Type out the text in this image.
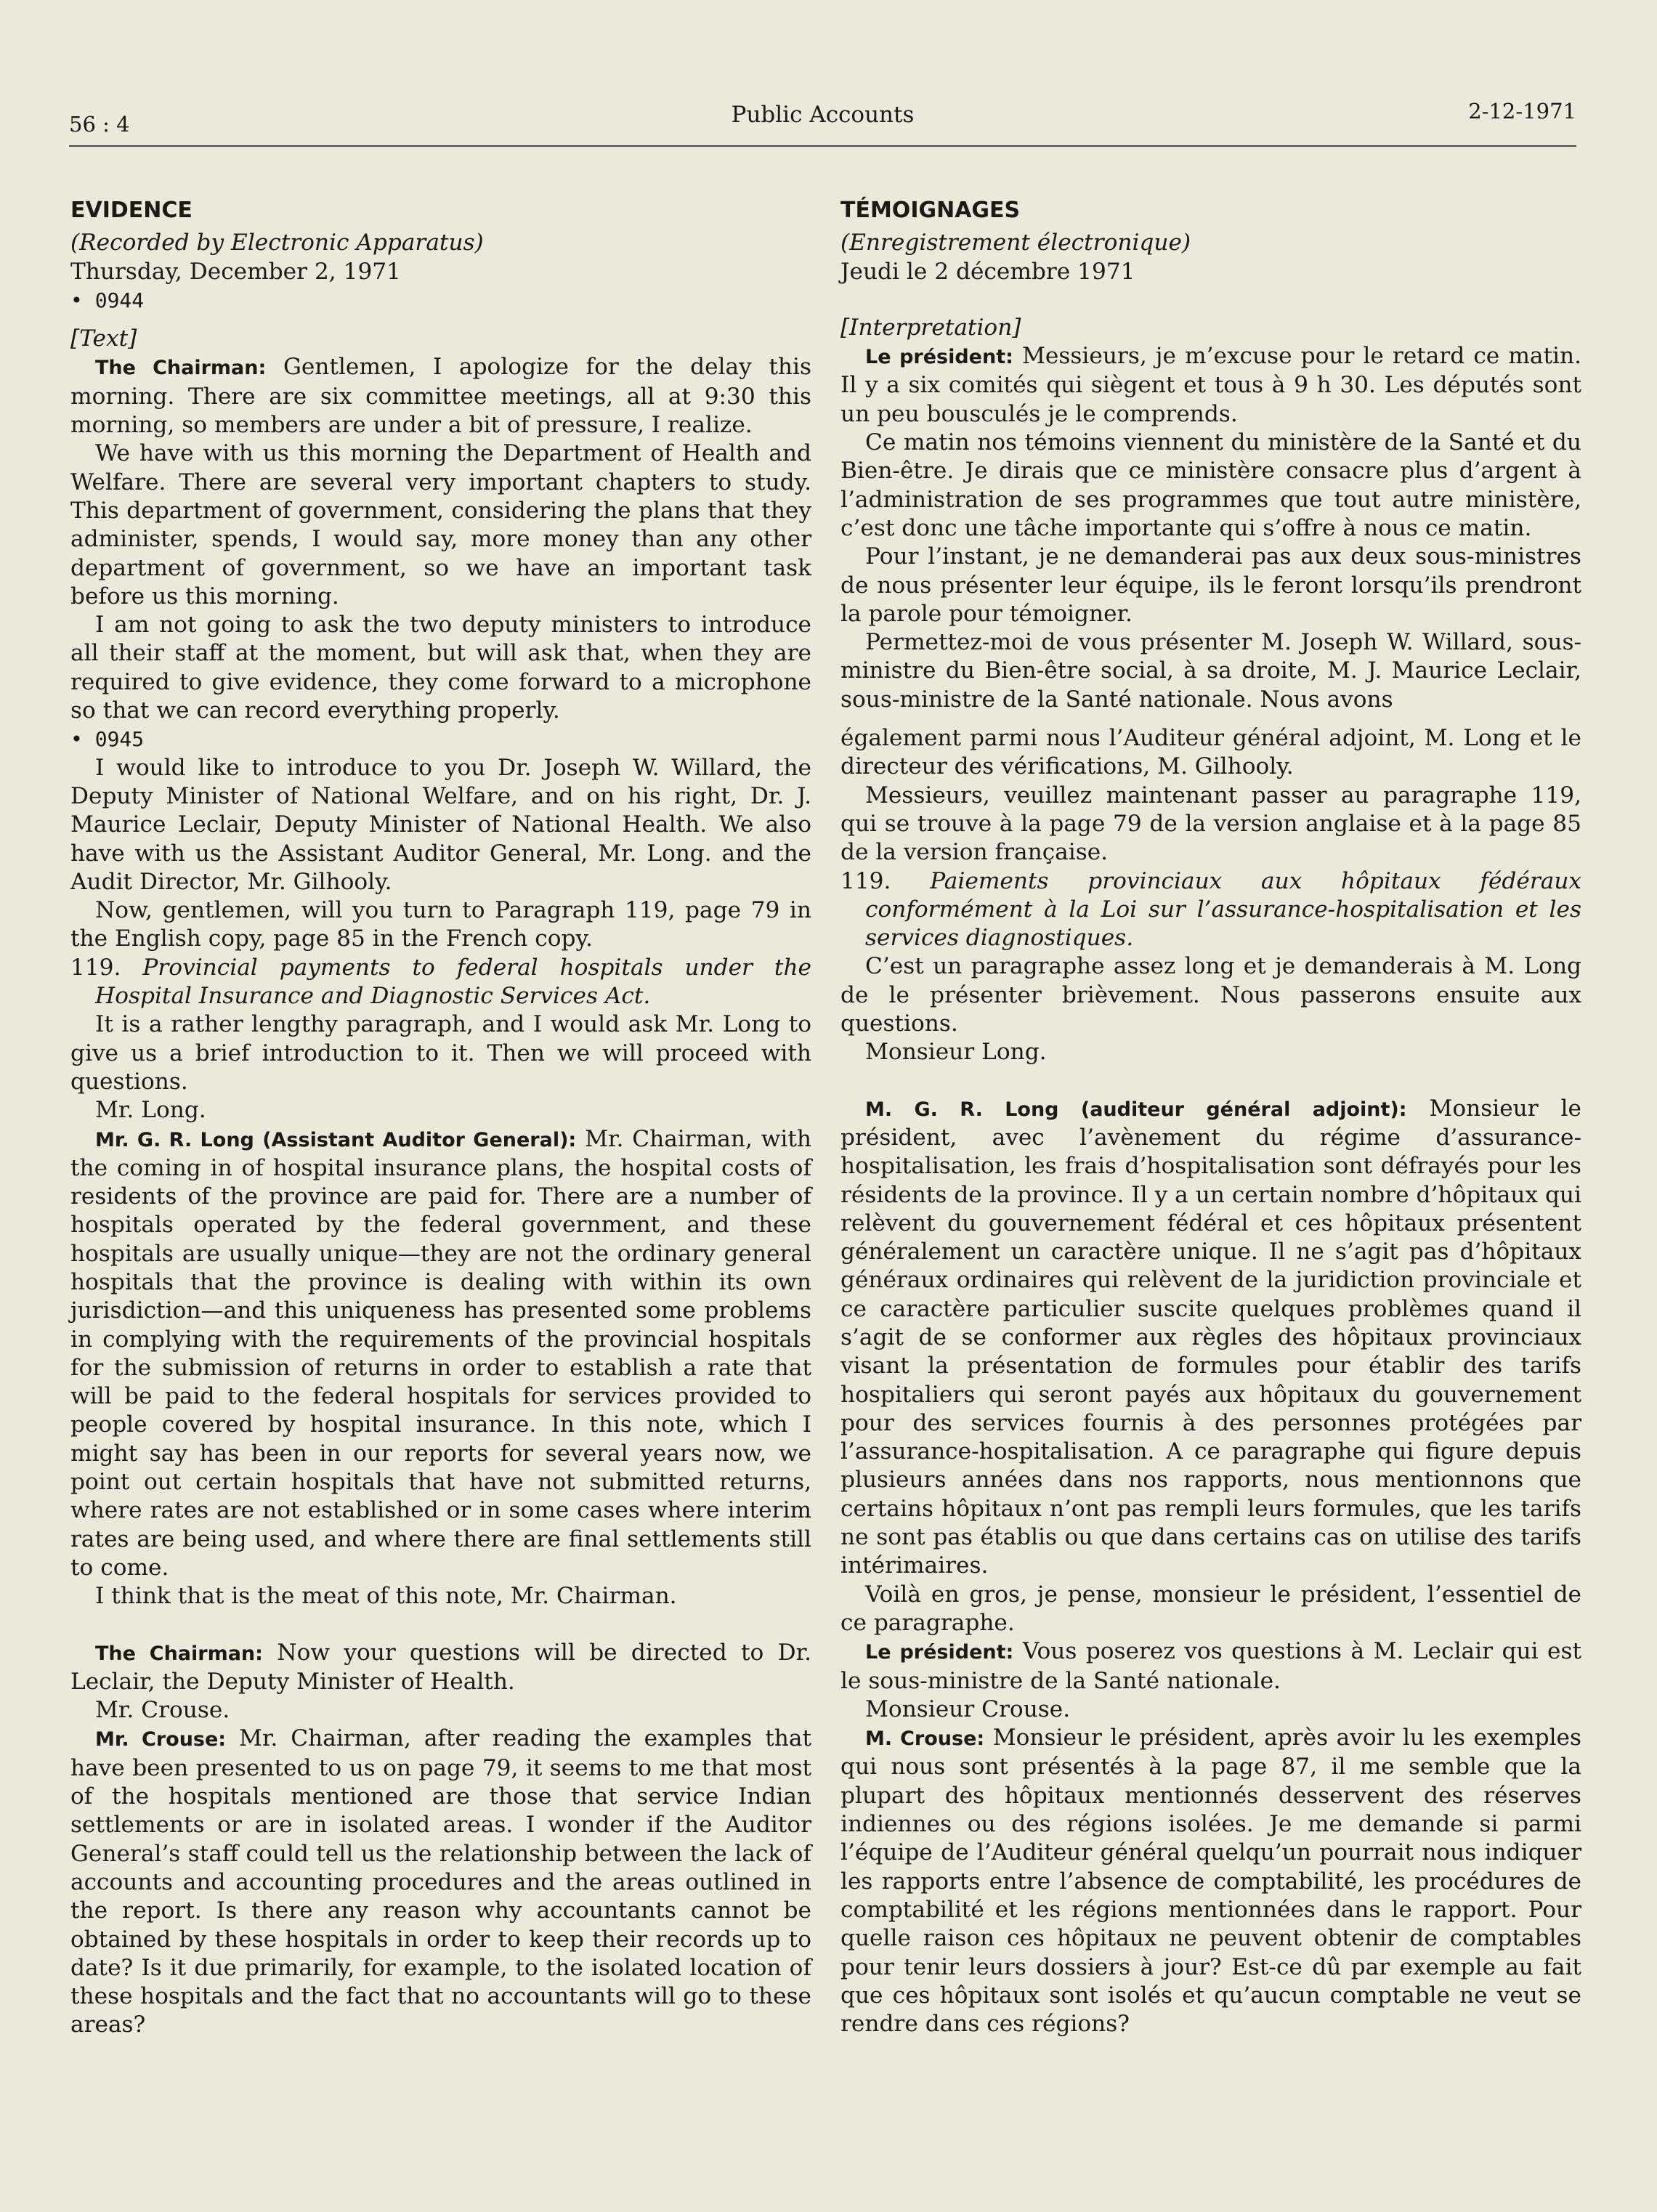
56 : 4	Public Accounts	2-12-1971
EVIDENCE

(Recorded by Electronic Apparatus)

Thursday, December 2, 1971

• 0944

[Text]

The Chairman: Gentlemen, I apologize for the delay this morning. There are six committee meetings, all at 9:30 this morning, so members are under a bit of pressure, I realize.

We have with us this morning the Department of Health and Welfare. There are several very important chapters to study. This department of government, considering the plans that they administer, spends, I would say, more money than any other department of government, so we have an important task before us this morning.

I am not going to ask the two deputy ministers to introduce all their staff at the moment, but will ask that, when they are required to give evidence, they come forward to a microphone so that we can record everything properly.

• 0945

I would like to introduce to you Dr. Joseph W. Willard, the Deputy Minister of National Welfare, and on his right, Dr. J. Maurice Leclair, Deputy Minister of National Health. We also have with us the Assistant Auditor General, Mr. Long. and the Audit Director, Mr. Gilhooly.

Now, gentlemen, will you turn to Paragraph 119, page 79 in the English copy, page 85 in the French copy.

119. Provincial payments to federal hospitals under the Hospital Insurance and Diagnostic Services Act.

It is a rather lengthy paragraph, and I would ask Mr. Long to give us a brief introduction to it. Then we will proceed with questions.

Mr. Long.

Mr. G. R. Long (Assistant Auditor General): Mr. Chairman, with the coming in of hospital insurance plans, the hospital costs of residents of the province are paid for. There are a number of hospitals operated by the federal government, and these hospitals are usually unique—they are not the ordinary general hospitals that the province is dealing with within its own jurisdiction—and this uniqueness has presented some problems in complying with the requirements of the provincial hospitals for the submission of returns in order to establish a rate that will be paid to the federal hospitals for services provided to people covered by hospital insurance. In this note, which I might say has been in our reports for several years now, we point out certain hospitals that have not submitted returns, where rates are not established or in some cases where interim rates are being used, and where there are final settlements still to come.

I think that is the meat of this note, Mr. Chairman.

The Chairman: Now your questions will be directed to Dr. Leclair, the Deputy Minister of Health.

Mr. Crouse.

Mr. Crouse: Mr. Chairman, after reading the examples that have been presented to us on page 79, it seems to me that most of the hospitals mentioned are those that service Indian settlements or are in isolated areas. I wonder if the Auditor General’s staff could tell us the relationship between the lack of accounts and accounting procedures and the areas outlined in the report. Is there any reason why accountants cannot be obtained by these hospitals in order to keep their records up to date? Is it due primarily, for example, to the isolated location of these hospitals and the fact that no accountants will go to these areas?

TÉMOIGNAGES

(Enregistrement électronique)

Jeudi le 2 décembre 1971

[Interpretation]

Le président: Messieurs, je m’excuse pour le retard ce matin. Il y a six comités qui siègent et tous à 9 h 30. Les députés sont un peu bousculés je le comprends.

Ce matin nos témoins viennent du ministère de la Santé et du Bien-être. Je dirais que ce ministère consacre plus d’argent à l’administration de ses programmes que tout autre ministère, c’est donc une tâche importante qui s’offre à nous ce matin.

Pour l’instant, je ne demanderai pas aux deux sous-ministres de nous présenter leur équipe, ils le feront lorsqu’ils prendront la parole pour témoigner.

Permettez-moi de vous présenter M. Joseph W. Willard, sous-ministre du Bien-être social, à sa droite, M. J. Maurice Leclair, sous-ministre de la Santé nationale. Nous avons

également parmi nous l’Auditeur général adjoint, M. Long et le directeur des vérifications, M. Gilhooly.

Messieurs, veuillez maintenant passer au paragraphe 119, qui se trouve à la page 79 de la version anglaise et à la page 85 de la version française.

119. Paiements provinciaux aux hôpitaux fédéraux conformément à la Loi sur l’assurance-hospitalisation et les services diagnostiques.

C’est un paragraphe assez long et je demanderais à M. Long de le présenter brièvement. Nous passerons ensuite aux questions.

Monsieur Long.

M. G. R. Long (auditeur général adjoint): Monsieur le président, avec l’avènement du régime d’assurance-hospitalisation, les frais d’hospitalisation sont défrayés pour les résidents de la province. Il y a un certain nombre d’hôpitaux qui relèvent du gouvernement fédéral et ces hôpitaux présentent généralement un caractère unique. Il ne s’agit pas d’hôpitaux généraux ordinaires qui relèvent de la juridiction provinciale et ce caractère particulier suscite quelques problèmes quand il s’agit de se conformer aux règles des hôpitaux provinciaux visant la présentation de formules pour établir des tarifs hospitaliers qui seront payés aux hôpitaux du gouvernement pour des services fournis à des personnes protégées par l’assurance-hospitalisation. A ce paragraphe qui figure depuis plusieurs années dans nos rapports, nous mentionnons que certains hôpitaux n’ont pas rempli leurs formules, que les tarifs ne sont pas établis ou que dans certains cas on utilise des tarifs intérimaires.

Voilà en gros, je pense, monsieur le président, l’essentiel de ce paragraphe.

Le président: Vous poserez vos questions à M. Leclair qui est le sous-ministre de la Santé nationale.

Monsieur Crouse.

M. Crouse: Monsieur le président, après avoir lu les exemples qui nous sont présentés à la page 87, il me semble que la plupart des hôpitaux mentionnés desservent des réserves indiennes ou des régions isolées. Je me demande si parmi l’équipe de l’Auditeur général quelqu’un pourrait nous indiquer les rapports entre l’absence de comptabilité, les procédures de comptabilité et les régions mentionnées dans le rapport. Pour quelle raison ces hôpitaux ne peuvent obtenir de comptables pour tenir leurs dossiers à jour? Est-ce dû par exemple au fait que ces hôpitaux sont isolés et qu’aucun comptable ne veut se rendre dans ces régions?
